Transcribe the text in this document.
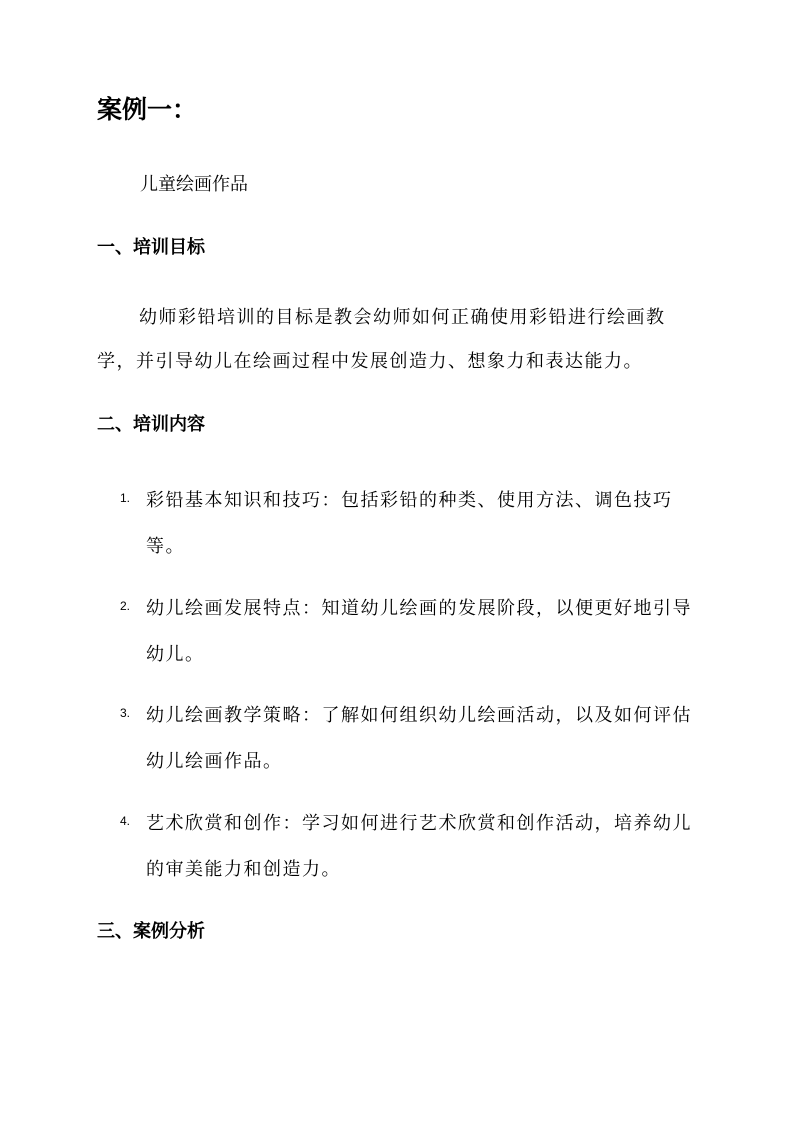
案例一：
儿童绘画作品
一、培训目标
幼师彩铅培训的目标是教会幼师如何正确使用彩铅进行绘画教学，并引导幼儿在绘画过程中发展创造力、想象力和表达能力。
二、培训内容
1. 彩铅基本知识和技巧：包括彩铅的种类、使用方法、调色技巧等。
2. 幼儿绘画发展特点：知道幼儿绘画的发展阶段，以便更好地引导幼儿。
3. 幼儿绘画教学策略：了解如何组织幼儿绘画活动，以及如何评估幼儿绘画作品。
4. 艺术欣赏和创作：学习如何进行艺术欣赏和创作活动，培养幼儿的审美能力和创造力。
三、案例分析
